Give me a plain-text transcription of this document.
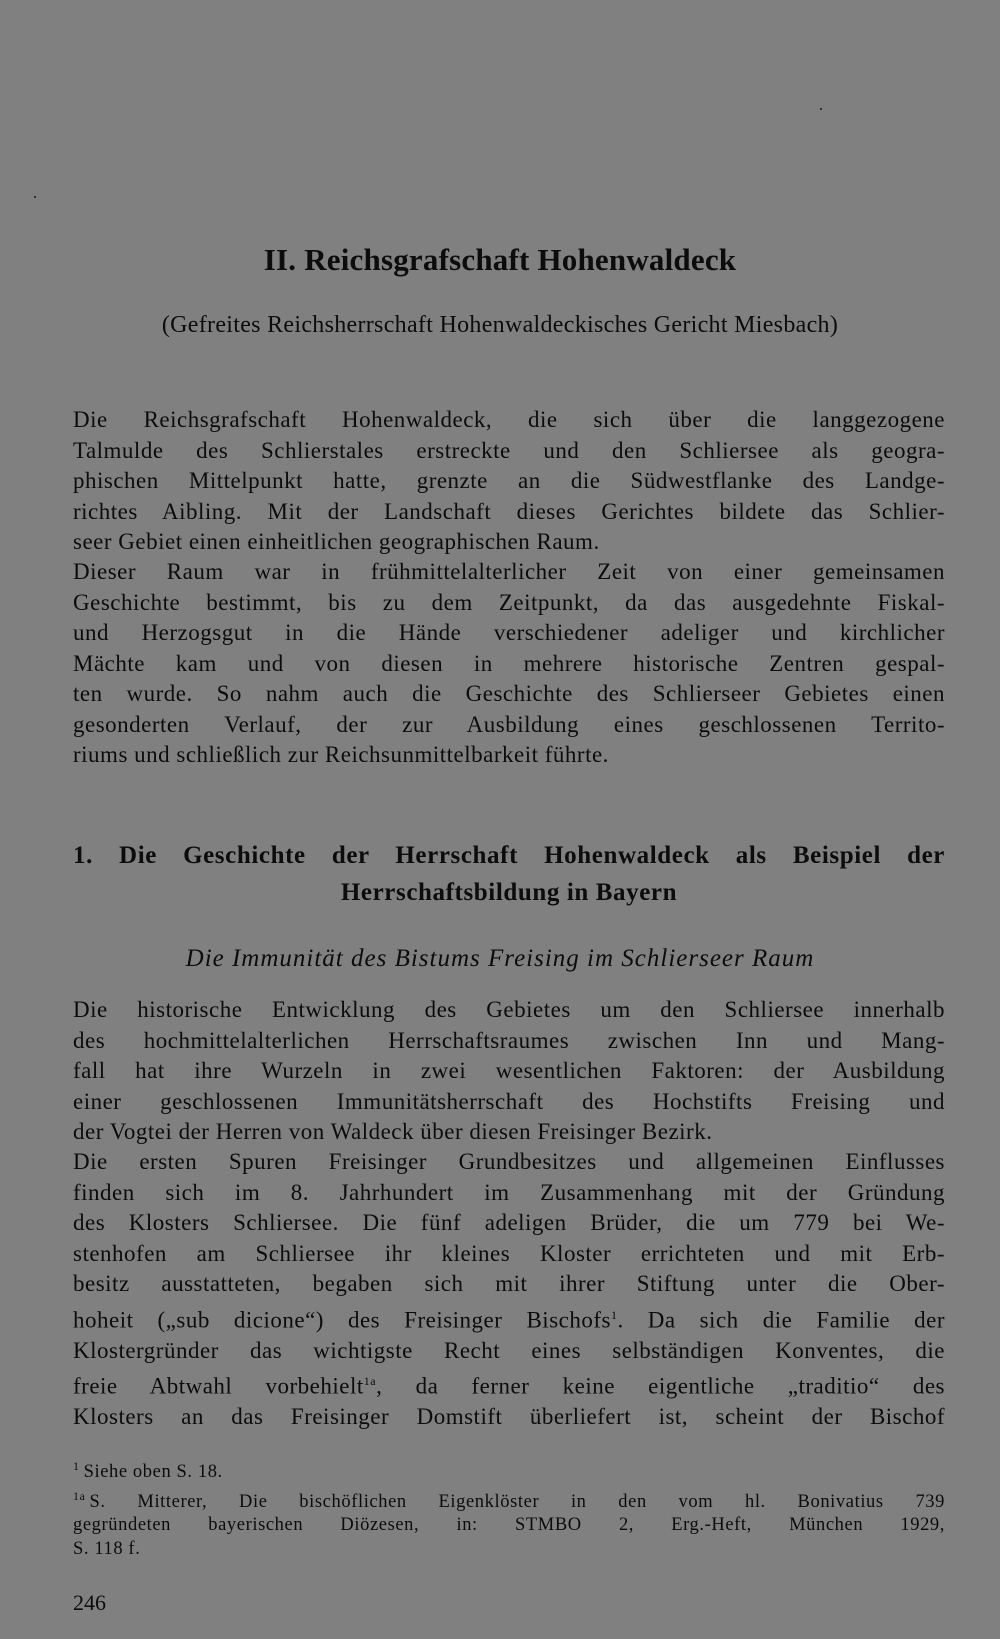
II. Reichsgrafschaft Hohenwaldeck
(Gefreites Reichsherrschaft Hohenwaldeckisches Gericht Miesbach)
Die Reichsgrafschaft Hohenwaldeck, die sich über die langgezogene
Talmulde des Schlierstales erstreckte und den Schliersee als geogra-
phischen Mittelpunkt hatte, grenzte an die Südwestflanke des Landge-
richtes Aibling. Mit der Landschaft dieses Gerichtes bildete das Schlier-
seer Gebiet einen einheitlichen geographischen Raum.
Dieser Raum war in frühmittelalterlicher Zeit von einer gemeinsamen
Geschichte bestimmt, bis zu dem Zeitpunkt, da das ausgedehnte Fiskal-
und Herzogsgut in die Hände verschiedener adeliger und kirchlicher
Mächte kam und von diesen in mehrere historische Zentren gespal-
ten wurde. So nahm auch die Geschichte des Schlierseer Gebietes einen
gesonderten Verlauf, der zur Ausbildung eines geschlossenen Territo-
riums und schließlich zur Reichsunmittelbarkeit führte.
1. Die Geschichte der Herrschaft Hohenwaldeck als Beispiel der
Herrschaftsbildung in Bayern
Die Immunität des Bistums Freising im Schlierseer Raum
Die historische Entwicklung des Gebietes um den Schliersee innerhalb
des hochmittelalterlichen Herrschaftsraumes zwischen Inn und Mang-
fall hat ihre Wurzeln in zwei wesentlichen Faktoren: der Ausbildung
einer geschlossenen Immunitätsherrschaft des Hochstifts Freising und
der Vogtei der Herren von Waldeck über diesen Freisinger Bezirk.
Die ersten Spuren Freisinger Grundbesitzes und allgemeinen Einflusses
finden sich im 8. Jahrhundert im Zusammenhang mit der Gründung
des Klosters Schliersee. Die fünf adeligen Brüder, die um 779 bei We-
stenhofen am Schliersee ihr kleines Kloster errichteten und mit Erb-
besitz ausstatteten, begaben sich mit ihrer Stiftung unter die Ober-
hoheit („sub dicione“) des Freisinger Bischofs$^1$. Da sich die Familie der
Klostergründer das wichtigste Recht eines selbständigen Konventes, die
freie Abtwahl vorbehielt$^{1a}$, da ferner keine eigentliche „traditio“ des
Klosters an das Freisinger Domstift überliefert ist, scheint der Bischof
$^1$ Siehe oben S. 18.
$^{1a}$ S. Mitterer, Die bischöflichen Eigenklöster in den vom hl. Bonivatius 739
gegründeten bayerischen Diözesen, in: STMBO 2, Erg.-Heft, München 1929,
S. 118 f.
246
